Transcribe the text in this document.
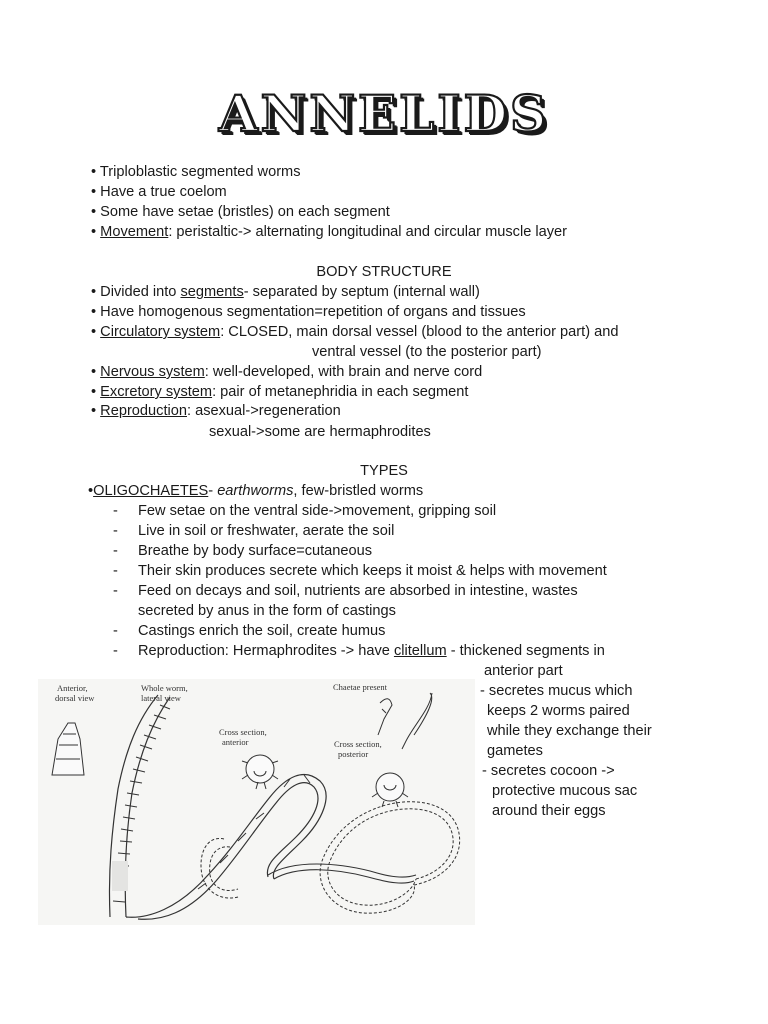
ANNELIDS
• Triploblastic segmented worms
• Have a true coelom
• Some have setae (bristles) on each segment
• Movement: peristaltic-> alternating longitudinal and circular muscle layer
BODY STRUCTURE
• Divided into segments- separated by septum (internal wall)
• Have homogenous segmentation=repetition of organs and tissues
• Circulatory system: CLOSED, main dorsal vessel (blood to the anterior part) and
ventral vessel (to the posterior part)
• Nervous system: well-developed, with brain and nerve cord
• Excretory system: pair of metanephridia in each segment
• Reproduction: asexual->regeneration
sexual->some are hermaphrodites
TYPES
•OLIGOCHAETES- earthworms, few-bristled worms
- Few setae on the ventral side->movement, gripping soil
- Live in soil or freshwater, aerate the soil
- Breathe by body surface=cutaneous
- Their skin produces secrete which keeps it moist & helps with movement
- Feed on decays and soil, nutrients are absorbed in intestine, wastes
secreted by anus in the form of castings
- Castings enrich the soil, create humus
- Reproduction: Hermaphrodites -> have clitellum - thickened segments in
anterior part
- secretes mucus which
keeps 2 worms paired
while they exchange their
gametes
- secretes cocoon ->
protective mucous sac
around their eggs
Anterior,
dorsal view
Whole worm,
lateral view
Chaetae present
Cross section,
anterior	Cross section,
posterior
